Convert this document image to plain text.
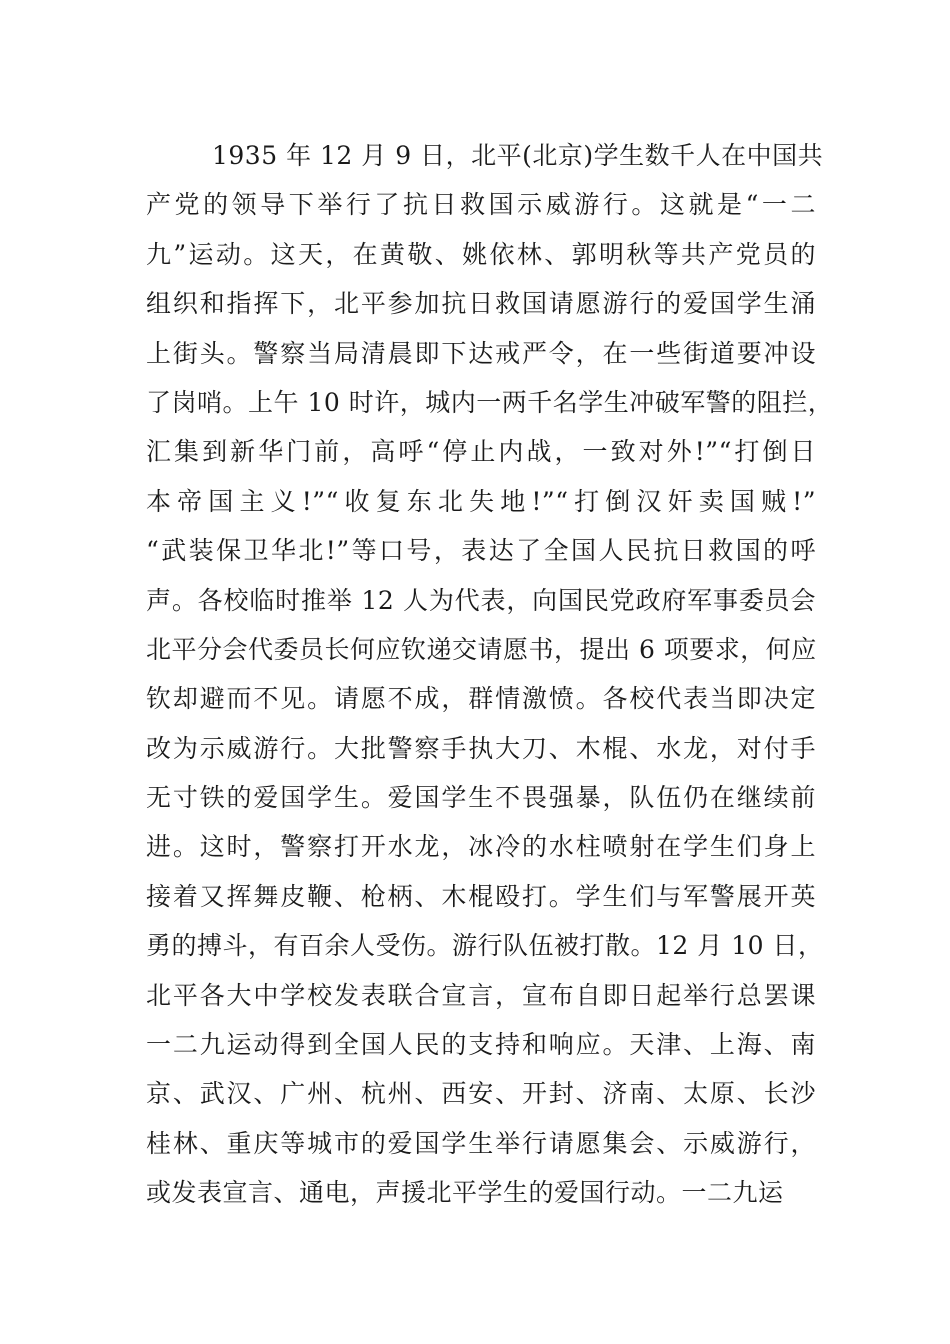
1935 年 12 月 9 日，北平(北京)学生数千人在中国共
产党的领导下举行了抗日救国示威游行。这就是“一二
九”运动。这天，在黄敬、姚依林、郭明秋等共产党员的
组织和指挥下，北平参加抗日救国请愿游行的爱国学生涌
上街头。警察当局清晨即下达戒严令，在一些街道要冲设
了岗哨。上午 10 时许，城内一两千名学生冲破军警的阻拦，
汇集到新华门前，高呼“停止内战，一致对外!”“打倒日
本帝国主义!”“收复东北失地!”“打倒汉奸卖国贼!”
“武装保卫华北!”等口号，表达了全国人民抗日救国的呼
声。各校临时推举 12 人为代表，向国民党政府军事委员会
北平分会代委员长何应钦递交请愿书，提出 6 项要求，何应
钦却避而不见。请愿不成，群情激愤。各校代表当即决定
改为示威游行。大批警察手执大刀、木棍、水龙，对付手
无寸铁的爱国学生。爱国学生不畏强暴，队伍仍在继续前
进。这时，警察打开水龙，冰冷的水柱喷射在学生们身上
接着又挥舞皮鞭、枪柄、木棍殴打。学生们与军警展开英
勇的搏斗，有百余人受伤。游行队伍被打散。12 月 10 日，
北平各大中学校发表联合宣言，宣布自即日起举行总罢课
一二九运动得到全国人民的支持和响应。天津、上海、南
京、武汉、广州、杭州、西安、开封、济南、太原、长沙
桂林、重庆等城市的爱国学生举行请愿集会、示威游行，
或发表宣言、通电，声援北平学生的爱国行动。一二九运
